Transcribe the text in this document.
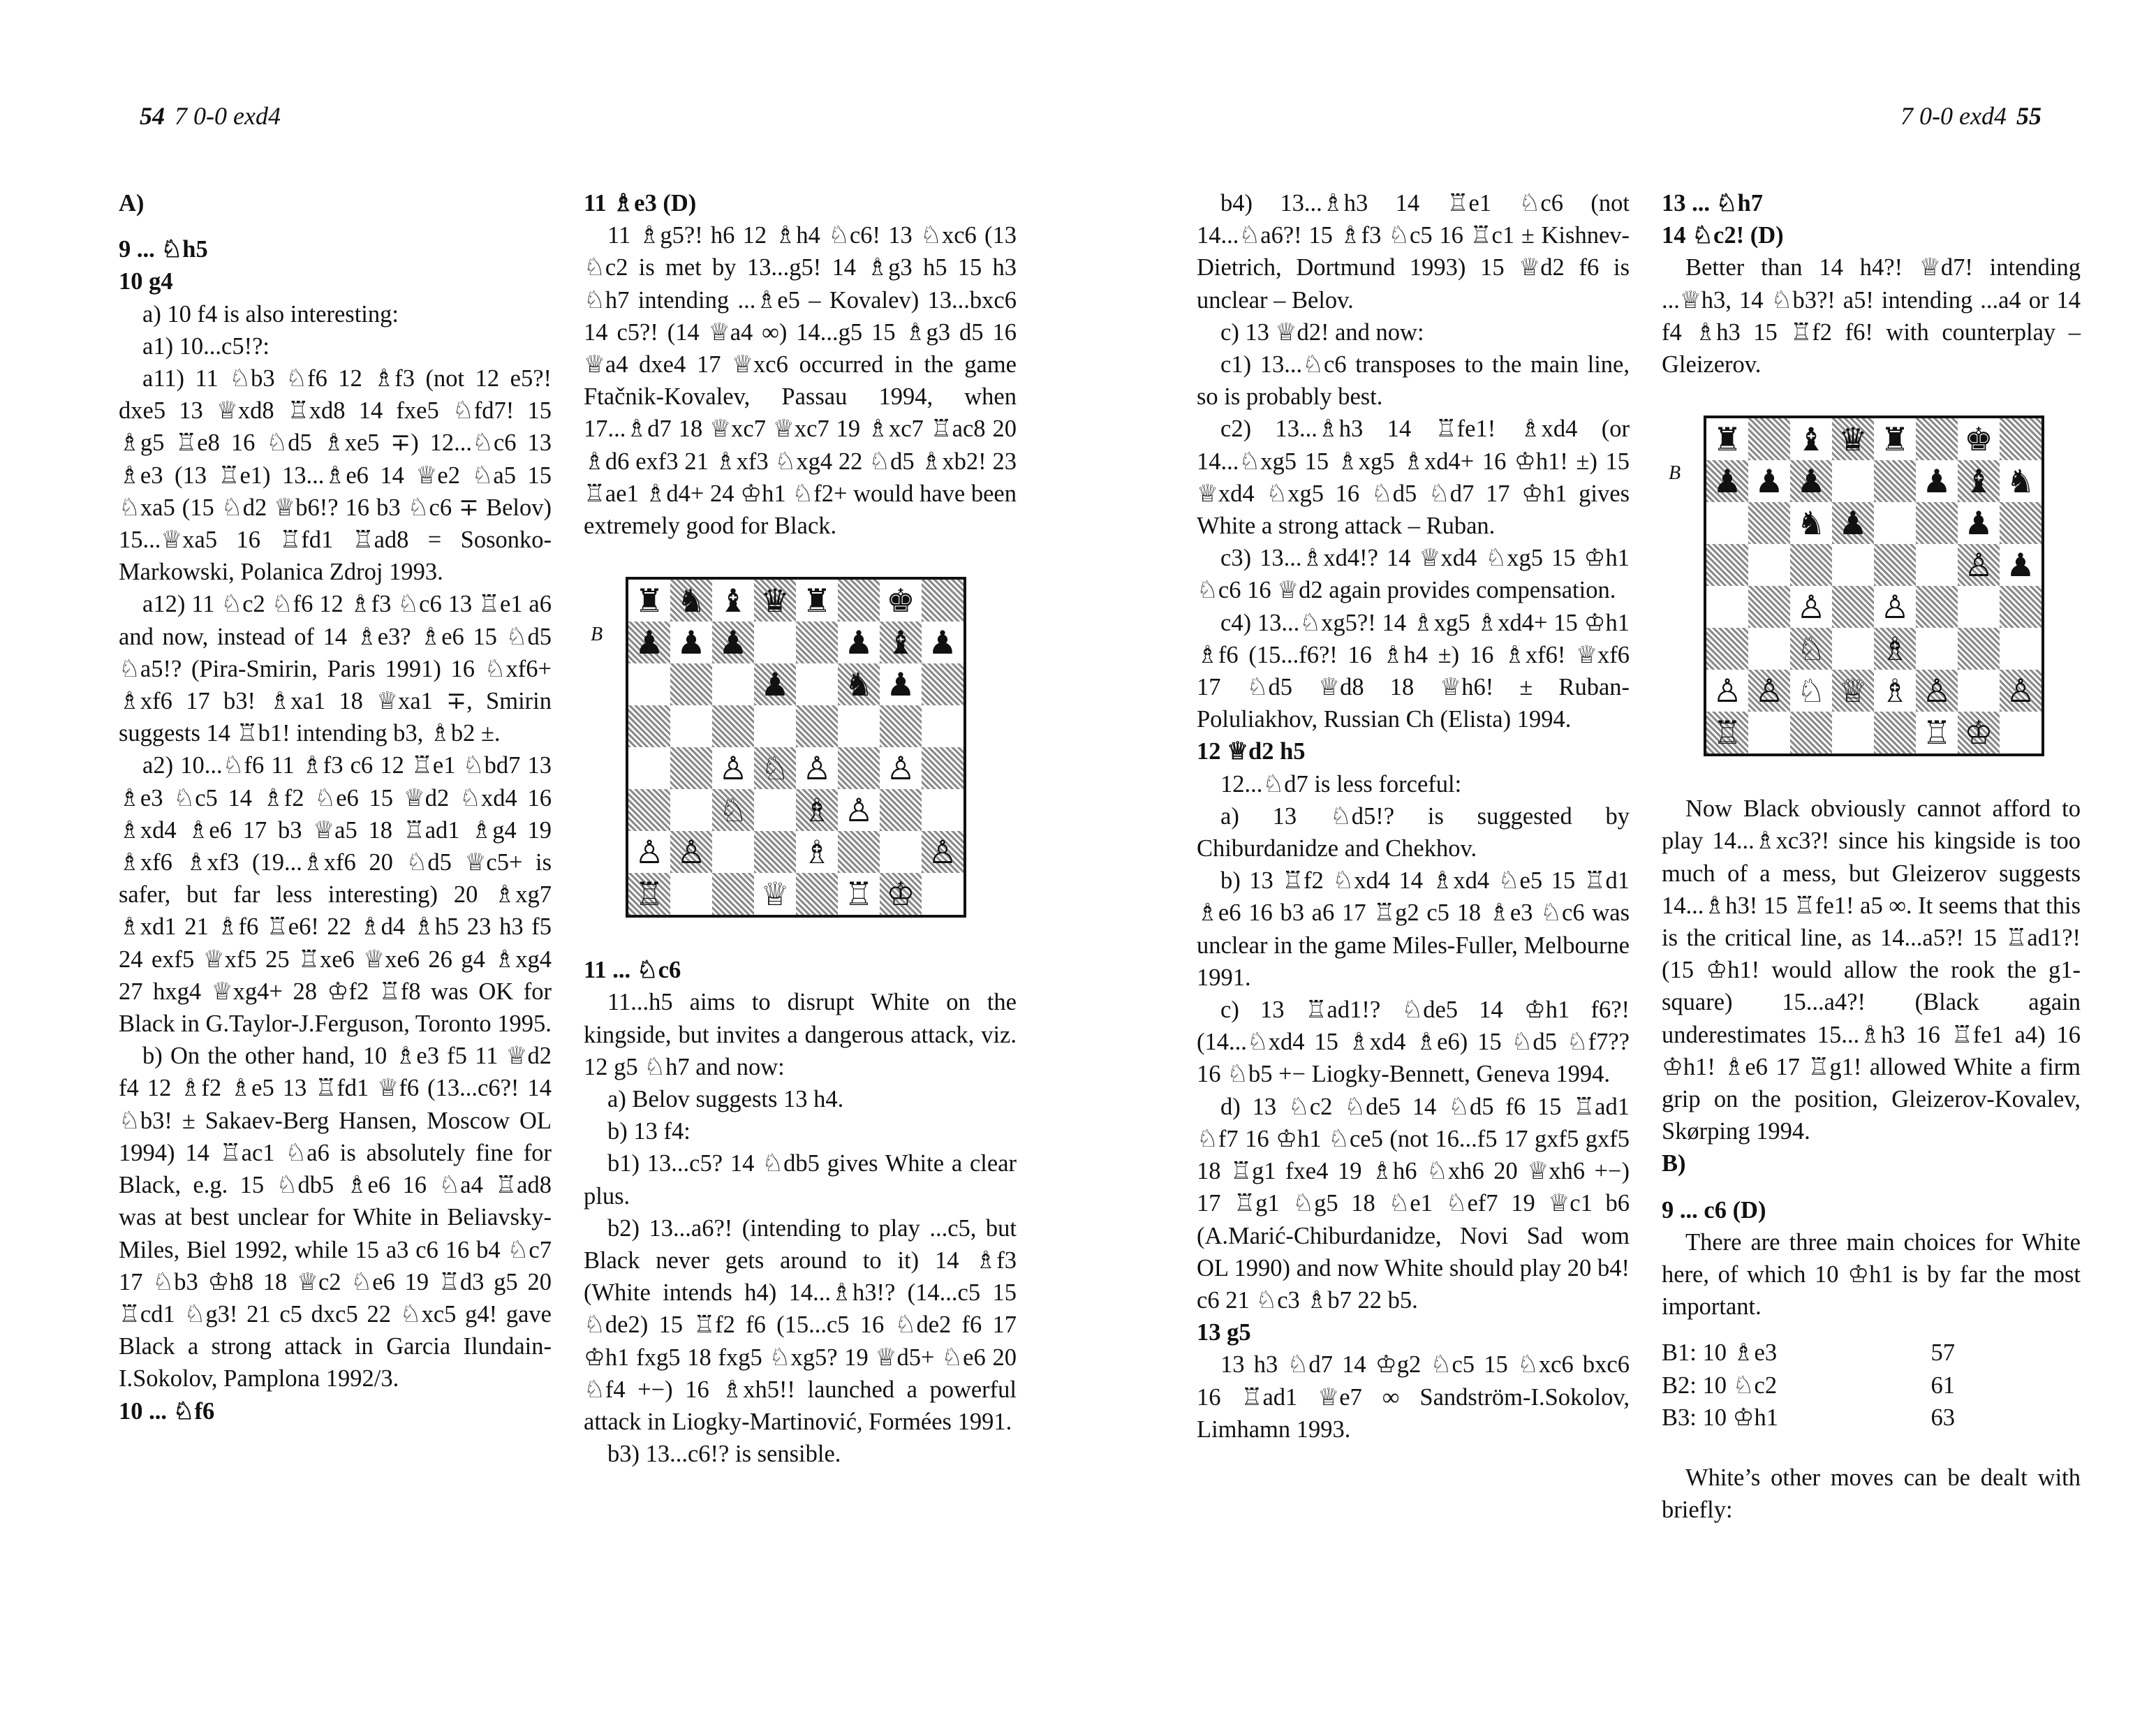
54 7 0-0 exd4

A)

9 ... ♘h5

10 g4

a) 10 f4 is also interesting:

a1) 10...c5!?:

a11) 11 ♘b3 ♘f6 12 ♗f3 (not 12 e5?! dxe5 13 ♕xd8 ♖xd8 14 fxe5 ♘fd7! 15 ♗g5 ♖e8 16 ♘d5 ♗xe5 ∓) 12...♘c6 13 ♗e3 (13 ♖e1) 13...♗e6 14 ♕e2 ♘a5 15 ♘xa5 (15 ♘d2 ♕b6!? 16 b3 ♘c6 ∓ Belov) 15...♕xa5 16 ♖fd1 ♖ad8 = Sosonko-Markowski, Polanica Zdroj 1993.

a12) 11 ♘c2 ♘f6 12 ♗f3 ♘c6 13 ♖e1 a6 and now, instead of 14 ♗e3? ♗e6 15 ♘d5 ♘a5!? (Pira-Smirin, Paris 1991) 16 ♘xf6+ ♗xf6 17 b3! ♗xa1 18 ♕xa1 ∓, Smirin suggests 14 ♖b1! intending b3, ♗b2 ±.

a2) 10...♘f6 11 ♗f3 c6 12 ♖e1 ♘bd7 13 ♗e3 ♘c5 14 ♗f2 ♘e6 15 ♕d2 ♘xd4 16 ♗xd4 ♗e6 17 b3 ♕a5 18 ♖ad1 ♗g4 19 ♗xf6 ♗xf3 (19...♗xf6 20 ♘d5 ♕c5+ is safer, but far less interesting) 20 ♗xg7 ♗xd1 21 ♗f6 ♖e6! 22 ♗d4 ♗h5 23 h3 f5 24 exf5 ♕xf5 25 ♖xe6 ♕xe6 26 g4 ♗xg4 27 hxg4 ♕xg4+ 28 ♔f2 ♖f8 was OK for Black in G.Taylor-J.Ferguson, Toronto 1995.

b) On the other hand, 10 ♗e3 f5 11 ♕d2 f4 12 ♗f2 ♗e5 13 ♖fd1 ♕f6 (13...c6?! 14 ♘b3! ± Sakaev-Berg Hansen, Moscow OL 1994) 14 ♖ac1 ♘a6 is absolutely fine for Black, e.g. 15 ♘db5 ♗e6 16 ♘a4 ♖ad8 was at best unclear for White in Beliavsky-Miles, Biel 1992, while 15 a3 c6 16 b4 ♘c7 17 ♘b3 ♔h8 18 ♕c2 ♘e6 19 ♖d3 g5 20 ♖cd1 ♘g3! 21 c5 dxc5 22 ♘xc5 g4! gave Black a strong attack in Garcia Ilundain-I.Sokolov, Pamplona 1992/3.

10 ... ♘f6

11 ♗e3 (D)

11 ♗g5?! h6 12 ♗h4 ♘c6! 13 ♘xc6 (13 ♘c2 is met by 13...g5! 14 ♗g3 h5 15 h3 ♘h7 intending ...♗e5 – Kovalev) 13...bxc6 14 c5?! (14 ♕a4 ∞) 14...g5 15 ♗g3 d5 16 ♕a4 dxe4 17 ♕xc6 occurred in the game Ftačnik-Kovalev, Passau 1994, when 17...♗d7 18 ♕xc7 ♕xc7 19 ♗xc7 ♖ac8 20 ♗d6 exf3 21 ♗xf3 ♘xg4 22 ♘d5 ♗xb2! 23 ♖ae1 ♗d4+ 24 ♔h1 ♘f2+ would have been extremely good for Black.

B
♜ ♞ ♝ ♛ ♜ ♚
♟ ♟ ♟	♟ ♝ ♟
♟ ♞ ♟
♙ ♘ ♙ ♙
♘ ♗ ♙
♙ ♙	♗	♙
♖	♕ ♖ ♔

11 ... ♘c6

11...h5 aims to disrupt White on the kingside, but invites a dangerous attack, viz. 12 g5 ♘h7 and now:

a) Belov suggests 13 h4.

b) 13 f4:

b1) 13...c5? 14 ♘db5 gives White a clear plus.

b2) 13...a6?! (intending to play ...c5, but Black never gets around to it) 14 ♗f3 (White intends h4) 14...♗h3!? (14...c5 15 ♘de2) 15 ♖f2 f6 (15...c5 16 ♘de2 f6 17 ♔h1 fxg5 18 fxg5 ♘xg5? 19 ♕d5+ ♘e6 20 ♘f4 +−) 16 ♗xh5!! launched a powerful attack in Liogky-Martinović, Formées 1991.

b3) 13...c6!? is sensible.

7 0-0 exd4 55

b4) 13...♗h3 14 ♖e1 ♘c6 (not 14...♘a6?! 15 ♗f3 ♘c5 16 ♖c1 ± Kishnev-Dietrich, Dortmund 1993) 15 ♕d2 f6 is unclear – Belov.

c) 13 ♕d2! and now:

c1) 13...♘c6 transposes to the main line, so is probably best.

c2) 13...♗h3 14 ♖fe1! ♗xd4 (or 14...♘xg5 15 ♗xg5 ♗xd4+ 16 ♔h1! ±) 15 ♕xd4 ♘xg5 16 ♘d5 ♘d7 17 ♔h1 gives White a strong attack – Ruban.

c3) 13...♗xd4!? 14 ♕xd4 ♘xg5 15 ♔h1 ♘c6 16 ♕d2 again provides compensation.

c4) 13...♘xg5?! 14 ♗xg5 ♗xd4+ 15 ♔h1 ♗f6 (15...f6?! 16 ♗h4 ±) 16 ♗xf6! ♕xf6 17 ♘d5 ♕d8 18 ♕h6! ± Ruban-Poluliakhov, Russian Ch (Elista) 1994.

12 ♕d2 h5

12...♘d7 is less forceful:

a) 13 ♘d5!? is suggested by Chiburdanidze and Chekhov.

b) 13 ♖f2 ♘xd4 14 ♗xd4 ♘e5 15 ♖d1 ♗e6 16 b3 a6 17 ♖g2 c5 18 ♗e3 ♘c6 was unclear in the game Miles-Fuller, Melbourne 1991.

c) 13 ♖ad1!? ♘de5 14 ♔h1 f6?! (14...♘xd4 15 ♗xd4 ♗e6) 15 ♘d5 ♘f7?? 16 ♘b5 +− Liogky-Bennett, Geneva 1994.

d) 13 ♘c2 ♘de5 14 ♘d5 f6 15 ♖ad1 ♘f7 16 ♔h1 ♘ce5 (not 16...f5 17 gxf5 gxf5 18 ♖g1 fxe4 19 ♗h6 ♘xh6 20 ♕xh6 +−) 17 ♖g1 ♘g5 18 ♘e1 ♘ef7 19 ♕c1 b6 (A.Marić-Chiburdanidze, Novi Sad wom OL 1990) and now White should play 20 b4! c6 21 ♘c3 ♗b7 22 b5.

13 g5

13 h3 ♘d7 14 ♔g2 ♘c5 15 ♘xc6 bxc6 16 ♖ad1 ♕e7 ∞ Sandström-I.Sokolov, Limhamn 1993.

13 ... ♘h7

14 ♘c2! (D)

Better than 14 h4?! ♕d7! intending ...♕h3, 14 ♘b3?! a5! intending ...a4 or 14 f4 ♗h3 15 ♖f2 f6! with counterplay – Gleizerov.

B
♜ ♝ ♛ ♜ ♚
♟ ♟ ♟	♟ ♝ ♞
♞ ♟	♟
♙ ♟
♙ ♙
♘ ♗
♙ ♙ ♘ ♕ ♗ ♙ ♙
♖	♖ ♔

Now Black obviously cannot afford to play 14...♗xc3?! since his kingside is too much of a mess, but Gleizerov suggests 14...♗h3! 15 ♖fe1! a5 ∞. It seems that this is the critical line, as 14...a5?! 15 ♖ad1?! (15 ♔h1! would allow the rook the g1-square) 15...a4?! (Black again underestimates 15...♗h3 16 ♖fe1 a4) 16 ♔h1! ♗e6 17 ♖g1! allowed White a firm grip on the position, Gleizerov-Kovalev, Skørping 1994.

B)

9 ... c6 (D)

There are three main choices for White here, of which 10 ♔h1 is by far the most important.

B1: 10 ♗e3	57
B2: 10 ♘c2	61
B3: 10 ♔h1	63

White’s other moves can be dealt with briefly:
